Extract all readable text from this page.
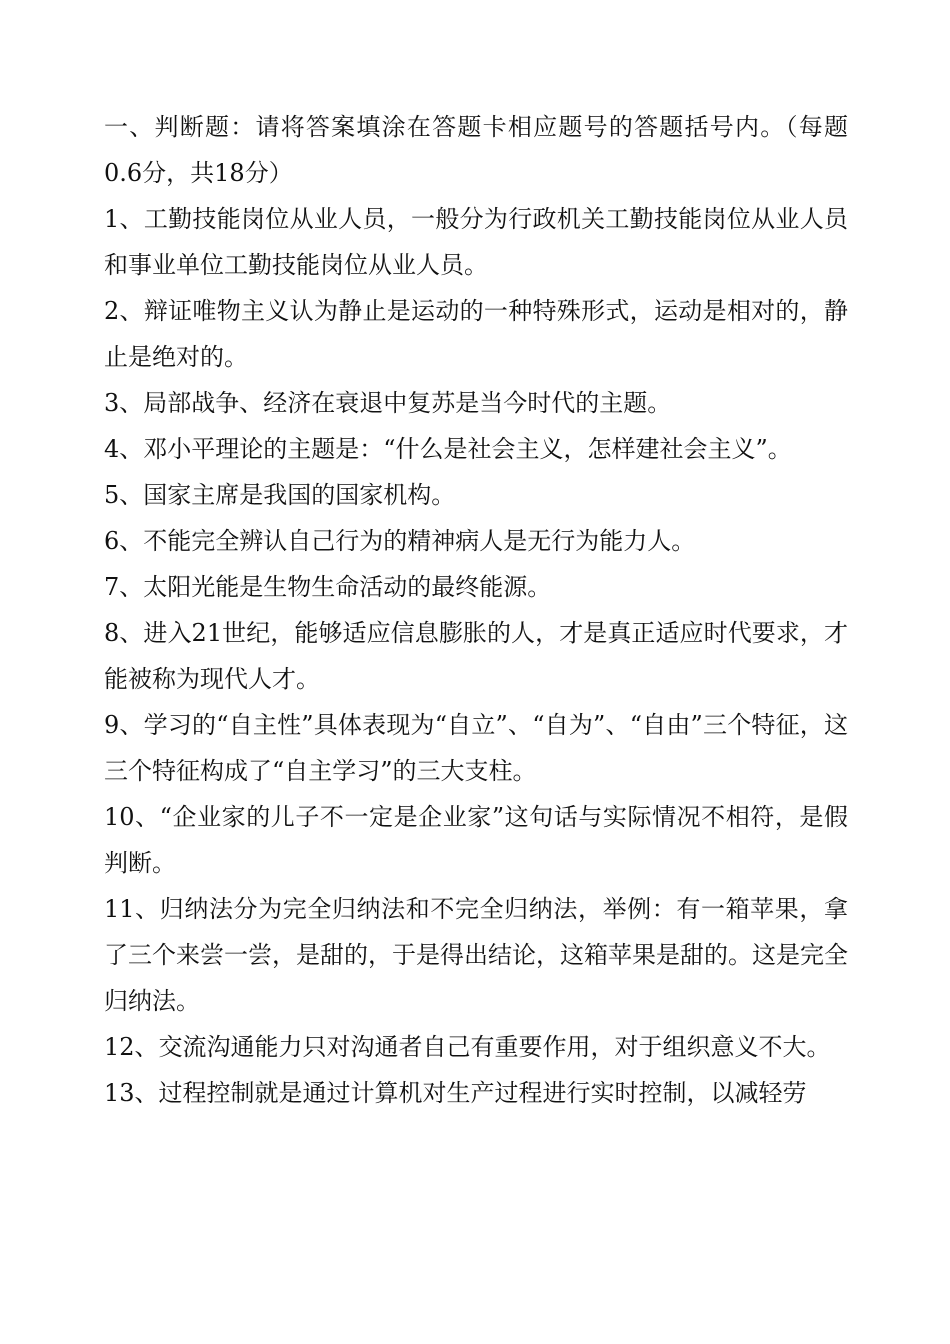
一、判断题：请将答案填涂在答题卡相应题号的答题括号内。（每题0.6分，共18分）

1、工勤技能岗位从业人员，一般分为行政机关工勤技能岗位从业人员和事业单位工勤技能岗位从业人员。

2、辩证唯物主义认为静止是运动的一种特殊形式，运动是相对的，静止是绝对的。

3、局部战争、经济在衰退中复苏是当今时代的主题。

4、邓小平理论的主题是：“什么是社会主义，怎样建社会主义”。

5、国家主席是我国的国家机构。

6、不能完全辨认自己行为的精神病人是无行为能力人。

7、太阳光能是生物生命活动的最终能源。

8、进入21世纪，能够适应信息膨胀的人，才是真正适应时代要求，才能被称为现代人才。

9、学习的“自主性”具体表现为“自立”、“自为”、“自由”三个特征，这三个特征构成了“自主学习”的三大支柱。

10、“企业家的儿子不一定是企业家”这句话与实际情况不相符，是假判断。

11、归纳法分为完全归纳法和不完全归纳法，举例：有一箱苹果，拿了三个来尝一尝，是甜的，于是得出结论，这箱苹果是甜的。这是完全归纳法。

12、交流沟通能力只对沟通者自己有重要作用，对于组织意义不大。

13、过程控制就是通过计算机对生产过程进行实时控制，以减轻劳
